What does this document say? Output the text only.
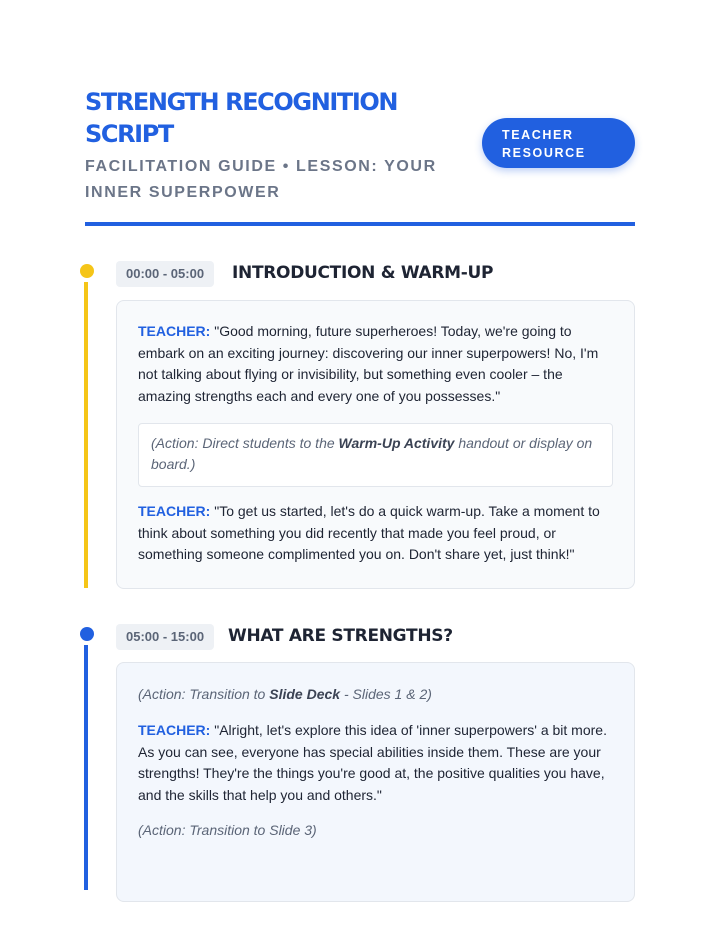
STRENGTH RECOGNITION SCRIPT
FACILITATION GUIDE • LESSON: YOUR INNER SUPERPOWER
TEACHER RESOURCE
00:00 - 05:00	INTRODUCTION & WARM-UP
TEACHER: "Good morning, future superheroes! Today, we're going to embark on an exciting journey: discovering our inner superpowers! No, I'm not talking about flying or invisibility, but something even cooler – the amazing strengths each and every one of you possesses."
(Action: Direct students to the Warm-Up Activity handout or display on board.)
TEACHER: "To get us started, let's do a quick warm-up. Take a moment to think about something you did recently that made you feel proud, or something someone complimented you on. Don't share yet, just think!"
05:00 - 15:00	WHAT ARE STRENGTHS?
(Action: Transition to Slide Deck - Slides 1 & 2)
TEACHER: "Alright, let's explore this idea of 'inner superpowers' a bit more. As you can see, everyone has special abilities inside them. These are your strengths! They're the things you're good at, the positive qualities you have, and the skills that help you and others."
(Action: Transition to Slide 3)
